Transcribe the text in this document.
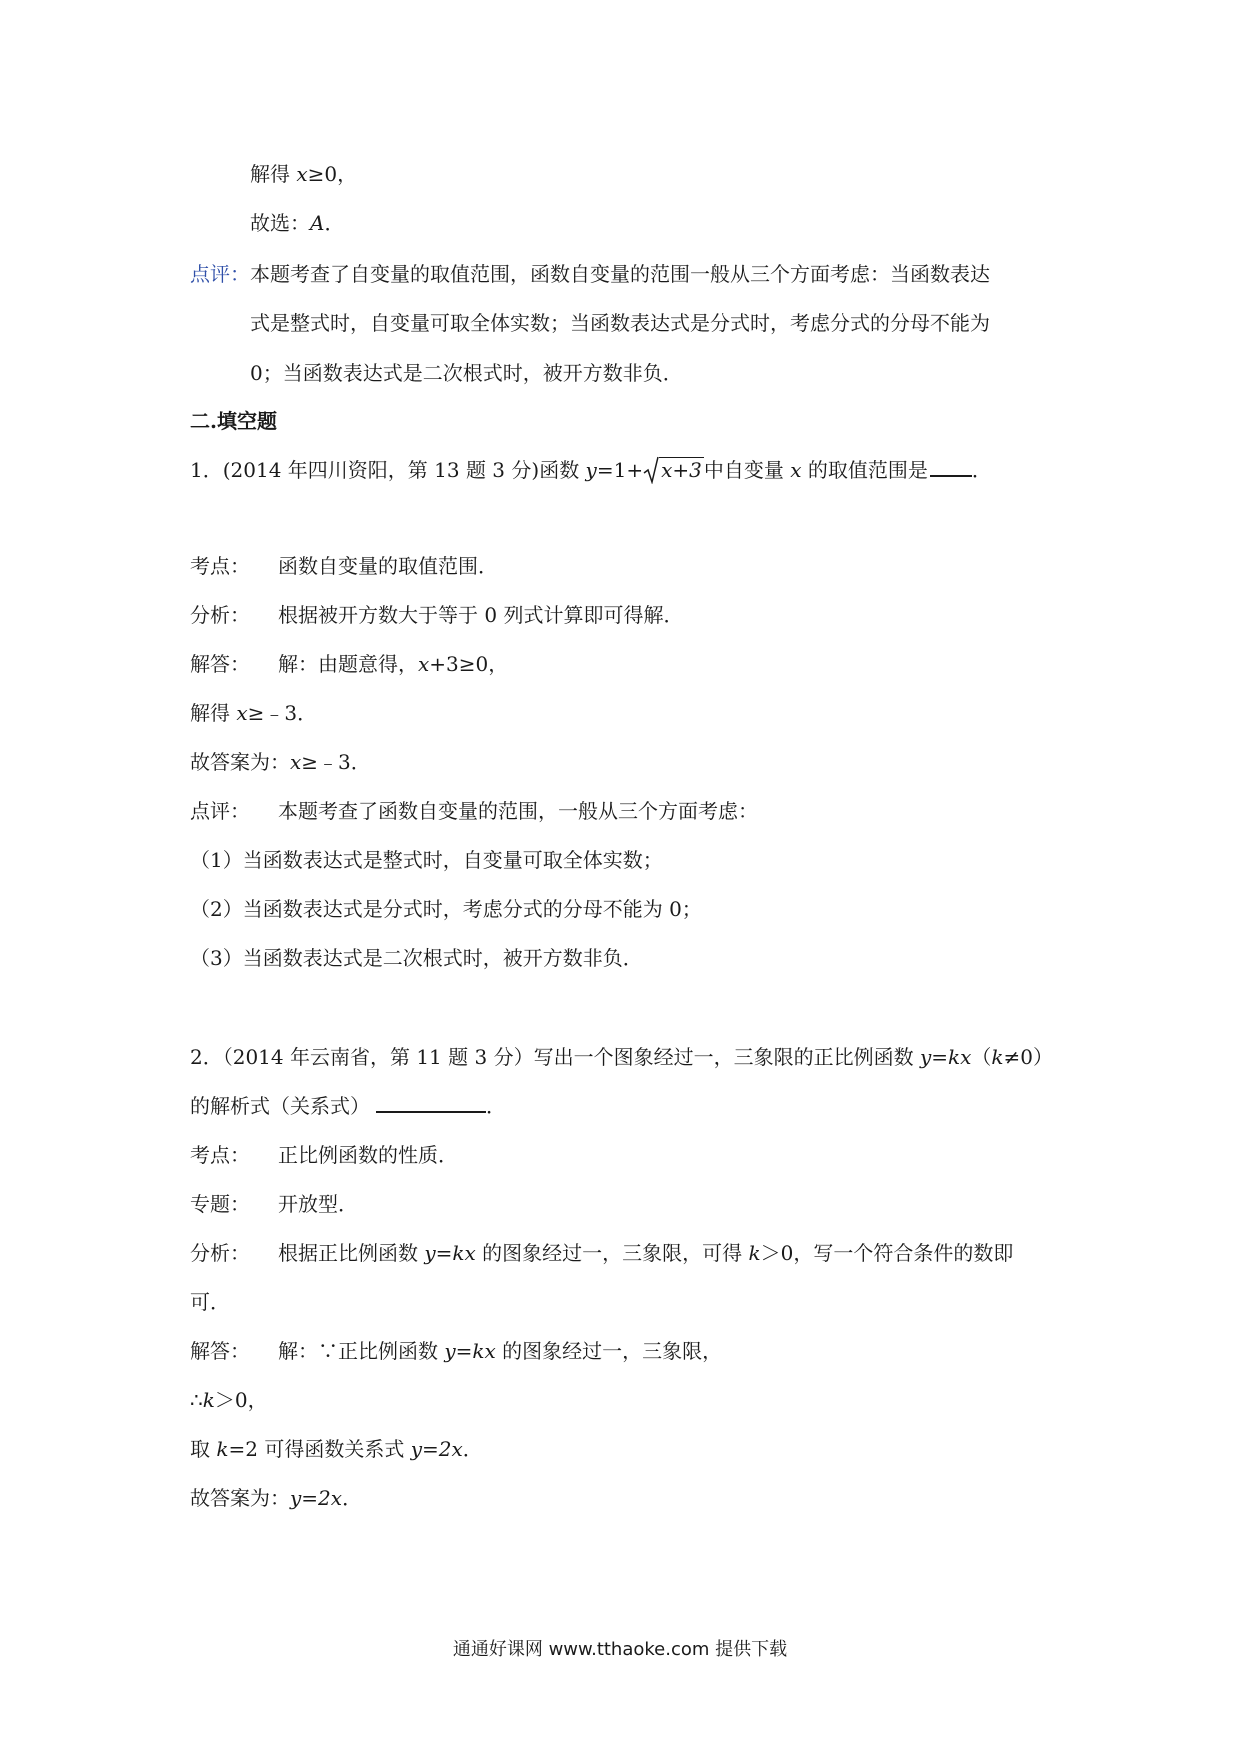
解得 x≥0，
故选：A．
点评：本题考查了自变量的取值范围，函数自变量的范围一般从三个方面考虑：当函数表达
式是整式时，自变量可取全体实数；当函数表达式是分式时，考虑分式的分母不能为
0；当函数表达式是二次根式时，被开方数非负．
二.填空题
1．(2014 年四川资阳，第 13 题 3 分)函数 y=1+ x+3 中自变量 x 的取值范围是 ．
考点： 函数自变量的取值范围．
分析： 根据被开方数大于等于 0 列式计算即可得解．
解答： 解：由题意得，x+3≥0，
解得 x≥﹣3．
故答案为：x≥﹣3．
点评： 本题考查了函数自变量的范围，一般从三个方面考虑：
（1）当函数表达式是整式时，自变量可取全体实数；
（2）当函数表达式是分式时，考虑分式的分母不能为 0；
（3）当函数表达式是二次根式时，被开方数非负．
2．（2014 年云南省，第 11 题 3 分）写出一个图象经过一，三象限的正比例函数 y=kx（k≠0）
的解析式（关系式）	．
考点： 正比例函数的性质．
专题： 开放型．
分析： 根据正比例函数 y=kx 的图象经过一，三象限，可得 k＞0，写一个符合条件的数即
可．
解答： 解：∵正比例函数 y=kx 的图象经过一，三象限，
∴k＞0，
取 k=2 可得函数关系式 y=2x．
故答案为：y=2x．
通通好课网 www.tthaoke.com 提供下载
